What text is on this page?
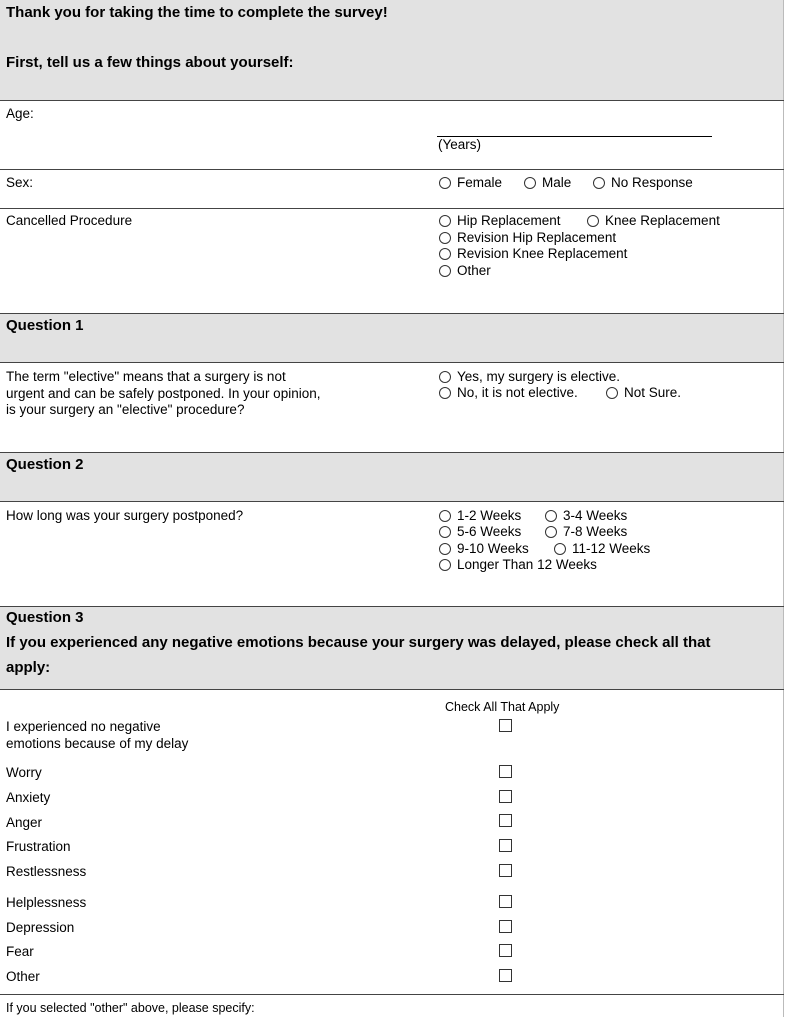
Thank you for taking the time to complete the survey!
First, tell us a few things about yourself:
Age:
(Years)
Sex:	Female	Male	No Response
Cancelled Procedure	Hip Replacement	Knee Replacement
Revision Hip Replacement
Revision Knee Replacement
Other
Question 1
The term "elective" means that a surgery is not
urgent and can be safely postponed. In your opinion,
is your surgery an "elective" procedure?
Yes, my surgery is elective.
No, it is not elective.	Not Sure.
Question 2
How long was your surgery postponed?	1-2 Weeks	3-4 Weeks
5-6 Weeks	7-8 Weeks
9-10 Weeks	11-12 Weeks
Longer Than 12 Weeks
Question 3
If you experienced any negative emotions because your surgery was delayed, please check all that
apply:
Check All That Apply
I experienced no negative
emotions because of my delay
Worry
Anxiety
Anger
Frustration
Restlessness
Helplessness
Depression
Fear
Other
If you selected "other" above, please specify:
